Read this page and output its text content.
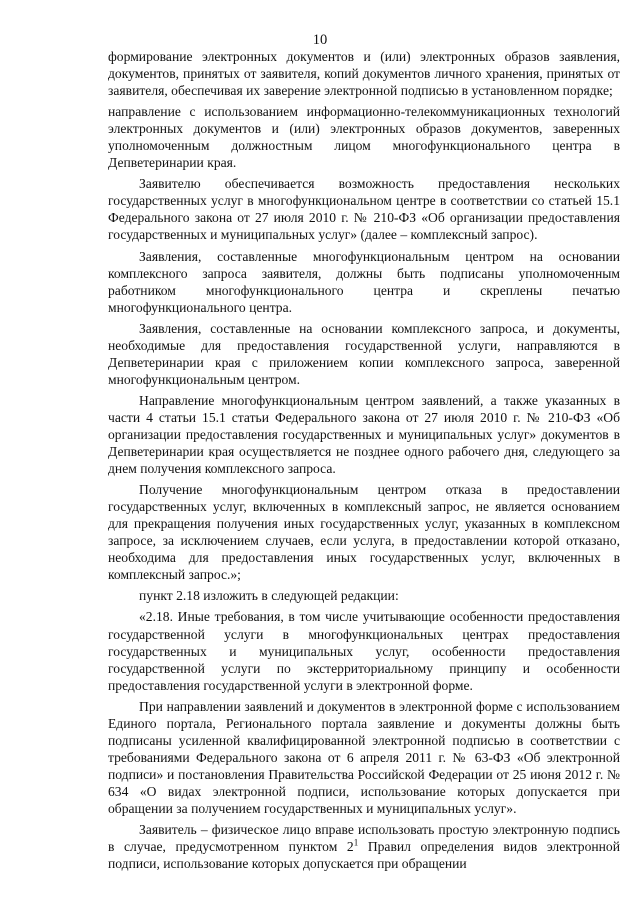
10

формирование электронных документов и (или) электронных образов заявления, документов, принятых от заявителя, копий документов личного хранения, принятых от заявителя, обеспечивая их заверение электронной подписью в установленном порядке;

направление с использованием информационно-телекоммуникационных технологий электронных документов и (или) электронных образов документов, заверенных уполномоченным должностным лицом многофункционального центра в Депветеринарии края.

Заявителю обеспечивается возможность предоставления нескольких государственных услуг в многофункциональном центре в соответствии со статьей 15.1 Федерального закона от 27 июля 2010 г. № 210-ФЗ «Об организации предоставления государственных и муниципальных услуг» (далее – комплексный запрос).

Заявления, составленные многофункциональным центром на основании комплексного запроса заявителя, должны быть подписаны уполномоченным работником многофункционального центра и скреплены печатью многофункционального центра.

Заявления, составленные на основании комплексного запроса, и документы, необходимые для предоставления государственной услуги, направляются в Депветеринарии края с приложением копии комплексного запроса, заверенной многофункциональным центром.

Направление многофункциональным центром заявлений, а также указанных в части 4 статьи 15.1 статьи Федерального закона от 27 июля 2010 г. № 210-ФЗ «Об организации предоставления государственных и муниципальных услуг» документов в Депветеринарии края осуществляется не позднее одного рабочего дня, следующего за днем получения комплексного запроса.

Получение многофункциональным центром отказа в предоставлении государственных услуг, включенных в комплексный запрос, не является основанием для прекращения получения иных государственных услуг, указанных в комплексном запросе, за исключением случаев, если услуга, в предоставлении которой отказано, необходима для предоставления иных государственных услуг, включенных в комплексный запрос.»;

пункт 2.18 изложить в следующей редакции:

«2.18. Иные требования, в том числе учитывающие особенности предоставления государственной услуги в многофункциональных центрах предоставления государственных и муниципальных услуг, особенности предоставления государственной услуги по экстерриториальному принципу и особенности предоставления государственной услуги в электронной форме.

При направлении заявлений и документов в электронной форме с использованием Единого портала, Регионального портала заявление и документы должны быть подписаны усиленной квалифицированной электронной подписью в соответствии с требованиями Федерального закона от 6 апреля 2011 г. № 63-ФЗ «Об электронной подписи» и постановления Правительства Российской Федерации от 25 июня 2012 г. № 634 «О видах электронной подписи, использование которых допускается при обращении за получением государственных и муниципальных услуг».

Заявитель – физическое лицо вправе использовать простую электронную подпись в случае, предусмотренном пунктом $2^1$ Правил определения видов электронной подписи, использование которых допускается при обращении
